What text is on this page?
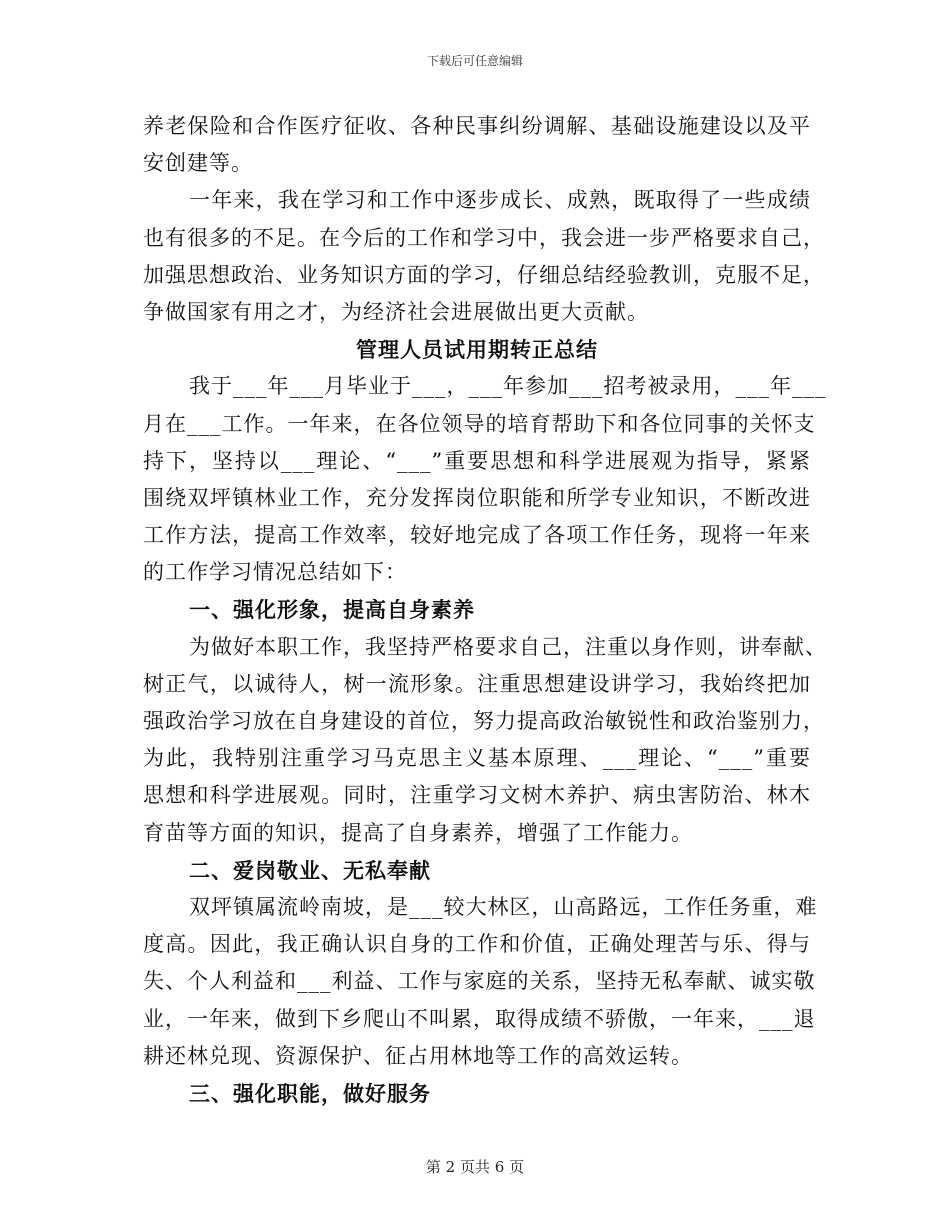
下载后可任意编辑
养老保险和合作医疗征收、各种民事纠纷调解、基础设施建设以及平
安创建等。
一年来，我在学习和工作中逐步成长、成熟，既取得了一些成绩
也有很多的不足。在今后的工作和学习中，我会进一步严格要求自己，
加强思想政治、业务知识方面的学习，仔细总结经验教训，克服不足，
争做国家有用之才，为经济社会进展做出更大贡献。
管理人员试用期转正总结
我于___年___月毕业于___，___年参加___招考被录用，___年___
月在___工作。一年来，在各位领导的培育帮助下和各位同事的关怀支
持下，坚持以___理论、“___”重要思想和科学进展观为指导，紧紧
围绕双坪镇林业工作，充分发挥岗位职能和所学专业知识，不断改进
工作方法，提高工作效率，较好地完成了各项工作任务，现将一年来
的工作学习情况总结如下：
一、强化形象，提高自身素养
为做好本职工作，我坚持严格要求自己，注重以身作则，讲奉献、
树正气，以诚待人，树一流形象。注重思想建设讲学习，我始终把加
强政治学习放在自身建设的首位，努力提高政治敏锐性和政治鉴别力，
为此，我特别注重学习马克思主义基本原理、___理论、“___”重要
思想和科学进展观。同时，注重学习文树木养护、病虫害防治、林木
育苗等方面的知识，提高了自身素养，增强了工作能力。
二、爱岗敬业、无私奉献
双坪镇属流岭南坡，是___较大林区，山高路远，工作任务重，难
度高。因此，我正确认识自身的工作和价值，正确处理苦与乐、得与
失、个人利益和___利益、工作与家庭的关系，坚持无私奉献、诚实敬
业，一年来，做到下乡爬山不叫累，取得成绩不骄傲，一年来，___退
耕还林兑现、资源保护、征占用林地等工作的高效运转。
三、强化职能，做好服务
第 2 页共 6 页
